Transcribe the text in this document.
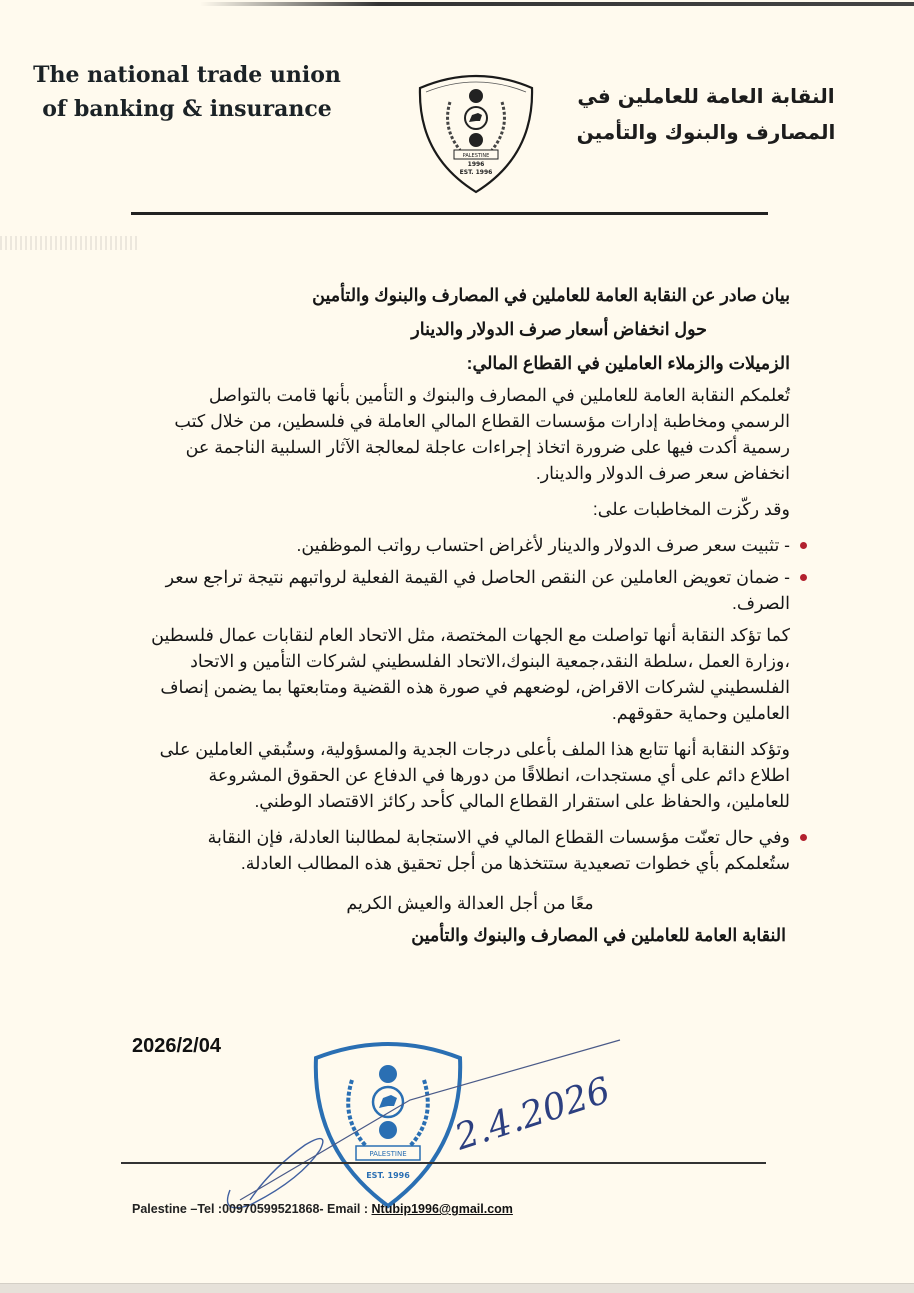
The national trade union
of banking & insurance
PALESTINE
1996
EST. 1996
النقابة العامة للعاملين في
المصارف والبنوك والتأمين
بيان صادر عن النقابة العامة للعاملين في المصارف والبنوك والتأمين
حول انخفاض أسعار صرف الدولار والدينار
الزميلات والزملاء العاملين في القطاع المالي:
تُعلمكم النقابة العامة للعاملين في المصارف والبنوك و التأمين بأنها قامت بالتواصل الرسمي ومخاطبة إدارات مؤسسات القطاع المالي العاملة في فلسطين، من خلال كتب رسمية أكدت فيها على ضرورة اتخاذ إجراءات عاجلة لمعالجة الآثار السلبية الناجمة عن انخفاض سعر صرف الدولار والدينار.
وقد ركّزت المخاطبات على:
- تثبيت سعر صرف الدولار والدينار لأغراض احتساب رواتب الموظفين.
- ضمان تعويض العاملين عن النقص الحاصل في القيمة الفعلية لرواتبهم نتيجة تراجع سعر الصرف.
كما تؤكد النقابة أنها تواصلت مع الجهات المختصة، مثل الاتحاد العام لنقابات عمال فلسطين ،وزارة العمل ،سلطة النقد،جمعية البنوك،الاتحاد الفلسطيني لشركات التأمين و الاتحاد الفلسطيني لشركات الاقراض، لوضعهم في صورة هذه القضية ومتابعتها بما يضمن إنصاف العاملين وحماية حقوقهم.
وتؤكد النقابة أنها تتابع هذا الملف بأعلى درجات الجدية والمسؤولية، وستُبقي العاملين على اطلاع دائم على أي مستجدات، انطلاقًا من دورها في الدفاع عن الحقوق المشروعة للعاملين، والحفاظ على استقرار القطاع المالي كأحد ركائز الاقتصاد الوطني.
وفي حال تعنّت مؤسسات القطاع المالي في الاستجابة لمطالبنا العادلة، فإن النقابة ستُعلمكم بأي خطوات تصعيدية ستتخذها من أجل تحقيق هذه المطالب العادلة.
معًا من أجل العدالة والعيش الكريم
النقابة العامة للعاملين في المصارف والبنوك والتأمين
2026/2/04
PALESTINE
EST. 1996
2.4.2026
Palestine –Tel :00970599521868- Email : Ntubip1996@gmail.com
